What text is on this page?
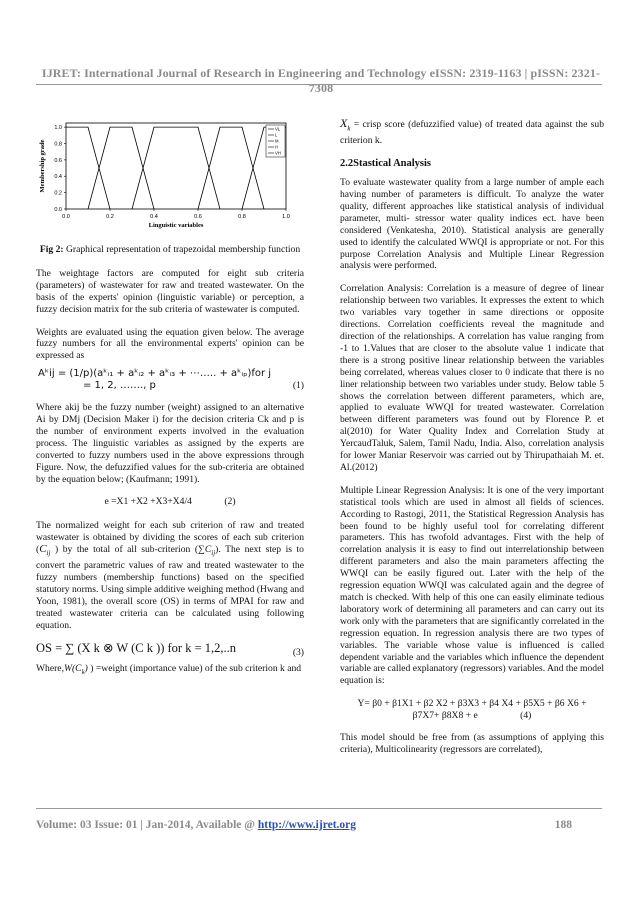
IJRET: International Journal of Research in Engineering and Technology eISSN: 2319-1163 | pISSN: 2321-7308
0.0	0.2	0.4	0.6	0.8	1.0
0.0
0.2
0.4
0.6
0.8
1.0
Membership grade
Linguistic variables
VL
L
M
H
VH
Fig 2: Graphical representation of trapezoidal membership function

The weightage factors are computed for eight sub criteria (parameters) of wastewater for raw and treated wastewater. On the basis of the experts' opinion (linguistic variable) or perception, a fuzzy decision matrix for the sub criteria of wastewater is computed.

Weights are evaluated using the equation given below. The average fuzzy numbers for all the environmental experts' opinion can be expressed as

Aᵏij = (1/p)(aᵏᵢ₁ + aᵏᵢ₂ + aᵏᵢ₃ + ⋯….. + aᵏᵢₚ)for j
= 1, 2, ……., p	(1)

Where akij be the fuzzy number (weight) assigned to an alternative Ai by DMj (Decision Maker i) for the decision criteria Ck and p is the number of environment experts involved in the evaluation process. The linguistic variables as assigned by the experts are converted to fuzzy numbers used in the above expressions through Figure. Now, the defuzzified values for the sub-criteria are obtained by the equation below; (Kaufmann; 1991).

e =X1 +X2 +X3+X4/4	(2)

The normalized weight for each sub criterion of raw and treated wastewater is obtained by dividing the scores of each sub criterion ($C_{ij}$ ) by the total of all sub-criterion $(\sum C_{ij})$. The next step is to convert the parametric values of raw and treated wastewater to the fuzzy numbers (membership functions) based on the specified statutory norms. Using simple additive weighing method (Hwang and Yoon, 1981), the overall score (OS) in terms of MPAI for raw and treated wastewater criteria can be calculated using following equation.

OS = ∑ (X k ⊗ W (C k )) for k = 1,2,..n	(3)

$Where,W(C_k)$ ) =weight (importance value) of the sub criterion k and

$X_k$ = crisp score (defuzzified value) of treated data against the sub criterion k.

2.2Stastical Analysis

To evaluate wastewater quality from a large number of ample each having number of parameters is difficult. To analyze the water quality, different approaches like statistical analysis of individual parameter, multi- stressor water quality indices ect. have been considered (Venkatesha, 2010). Statistical analysis are generally used to identify the calculated WWQI is appropriate or not. For this purpose Correlation Analysis and Multiple Linear Regression analysis were performed.

Correlation Analysis: Correlation is a measure of degree of linear relationship between two variables. It expresses the extent to which two variables vary together in same directions or opposite directions. Correlation coefficients reveal the magnitude and direction of the relationships. A correlation has value ranging from -1 to 1.Values that are closer to the absolute value 1 indicate that there is a strong positive linear relationship between the variables being correlated, whereas values closer to 0 indicate that there is no liner relationship between two variables under study. Below table 5 shows the correlation between different parameters, which are, applied to evaluate WWQI for treated wastewater. Correlation between different parameters was found out by Florence P. et al(2010) for Water Quality Index and Correlation Study at YercaudTaluk, Salem, Tamil Nadu, India. Also, correlation analysis for lower Maniar Reservoir was carried out by Thirupathaiah M. et. Al.(2012)

Multiple Linear Regression Analysis: It is one of the very important statistical tools which are used in almost all fields of sciences. According to Rastogi, 2011, the Statistical Regression Analysis has been found to be highly useful tool for correlating different parameters. This has twofold advantages. First with the help of correlation analysis it is easy to find out interrelationship between different parameters and also the main parameters affecting the WWQI can be easily figured out. Later with the help of the regression equation WWQI was calculated again and the degree of match is checked. With help of this one can easily eliminate tedious laboratory work of determining all parameters and can carry out its work only with the parameters that are significantly correlated in the regression equation. In regression analysis there are two types of variables. The variable whose value is influenced is called dependent variable and the variables which influence the dependent variable are called explanatory (regressors) variables. And the model equation is:

Y= β0 + β1X1 + β2 X2 + β3X3 + β4 X4 + β5X5 + β6 X6 +
β7X7+ β8X8 + e	(4)

This model should be free from (as assumptions of applying this criteria), Multicolinearity (regressors are correlated),

Volume: 03 Issue: 01 | Jan-2014, Available @ http://www.ijret.org	188
